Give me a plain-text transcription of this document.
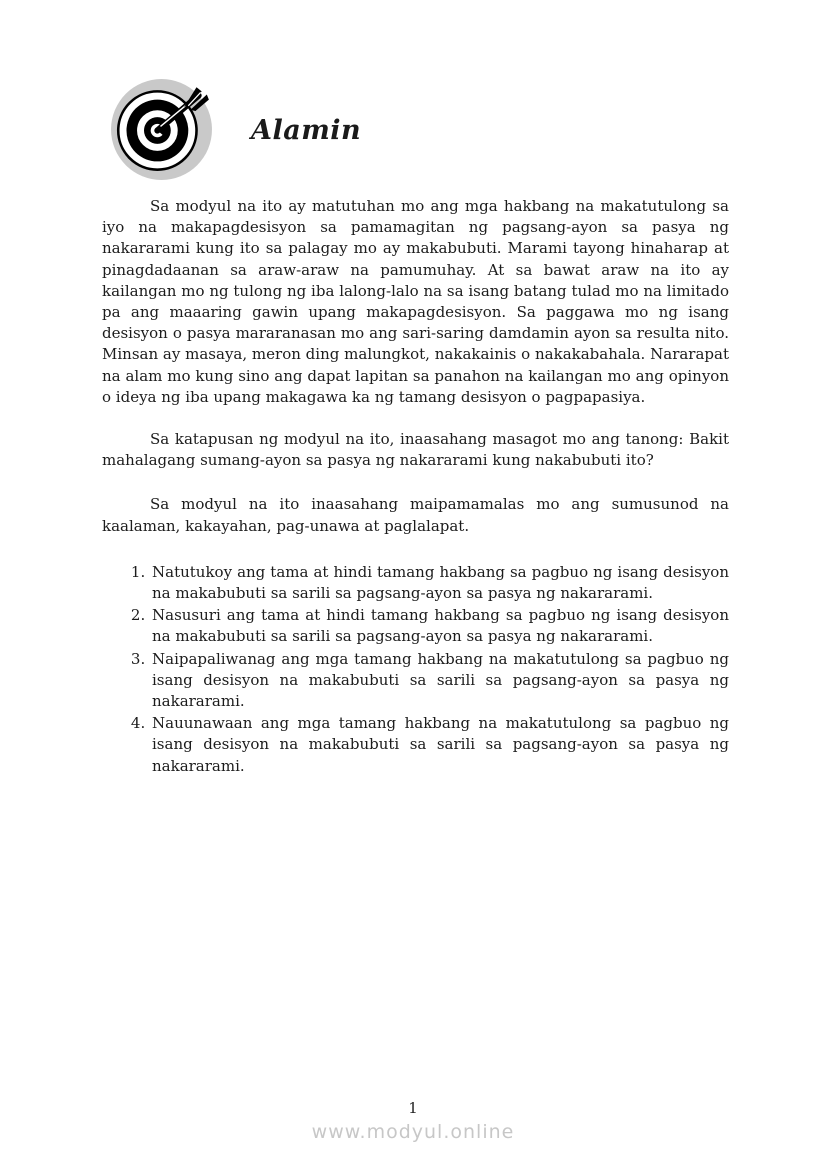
Alamin

Sa modyul na ito ay matutuhan mo ang mga hakbang na makatutulong sa iyo na makapagdesisyon sa pamamagitan ng pagsang-ayon sa pasya ng nakararami kung ito sa palagay mo ay makabubuti. Marami tayong hinaharap at pinagdadaanan sa araw-araw na pamumuhay. At sa bawat araw na ito ay kailangan mo ng tulong ng iba lalong-lalo na sa isang batang tulad mo na limitado pa ang maaaring gawin upang makapagdesisyon. Sa paggawa mo ng isang desisyon o pasya mararanasan mo ang sari-saring damdamin ayon sa resulta nito. Minsan ay masaya, meron ding malungkot, nakakainis o nakakabahala. Nararapat na alam mo kung sino ang dapat lapitan sa panahon na kailangan mo ang opinyon o ideya ng iba upang makagawa ka ng tamang desisyon o pagpapasiya.

Sa katapusan ng modyul na ito, inaasahang masagot mo ang tanong: Bakit mahalagang sumang-ayon sa pasya ng nakararami kung nakabubuti ito?

Sa modyul na ito inaasahang maipamamalas mo ang sumusunod na kaalaman, kakayahan, pag-unawa at paglalapat.

1. Natutukoy ang tama at hindi tamang hakbang sa pagbuo ng isang desisyon na makabubuti sa sarili sa pagsang-ayon sa pasya ng nakararami.
2. Nasusuri ang tama at hindi tamang hakbang sa pagbuo ng isang desisyon na makabubuti sa sarili sa pagsang-ayon sa pasya ng nakararami.
3. Naipapaliwanag ang mga tamang hakbang na makatutulong sa pagbuo ng isang desisyon na makabubuti sa sarili sa pagsang-ayon sa pasya ng nakararami.
4. Nauunawaan ang mga tamang hakbang na makatutulong sa pagbuo ng isang desisyon na makabubuti sa sarili sa pagsang-ayon sa pasya ng nakararami.
1
www.modyul.online
